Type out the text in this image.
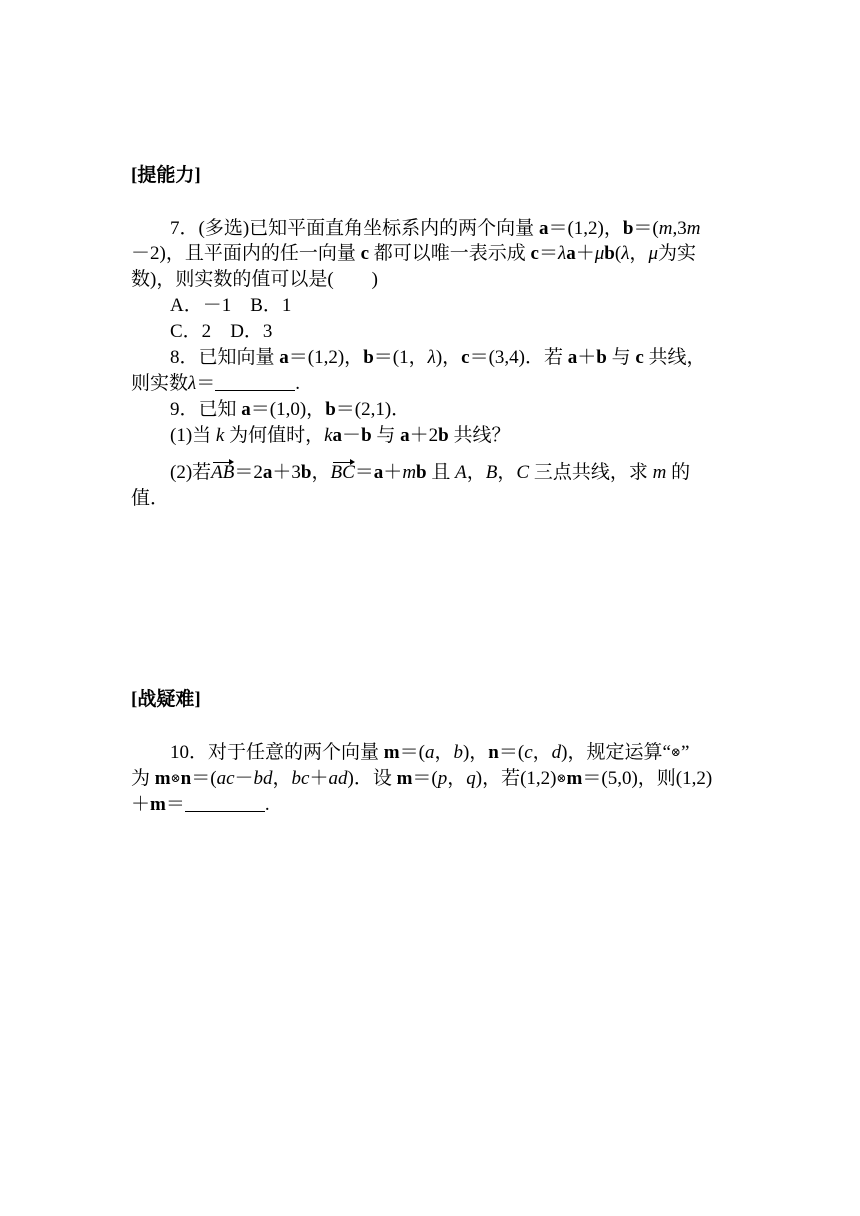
[提能力]
7．(多选)已知平面直角坐标系内的两个向量 a＝(1,2)，b＝(m,3m
－2)，且平面内的任一向量 c 都可以唯一表示成 c＝λa＋μb(λ，μ为实
数)，则实数的值可以是(　　)
A．－1　 B．1
C．2　 D．3
8．已知向量 a＝(1,2)，b＝(1，λ)，c＝(3,4)．若 a＋b 与 c 共线，
则实数λ＝	.
9．已知 a＝(1,0)，b＝(2,1)．
(1)当 k 为何值时，ka－b 与 a＋2b 共线？
(2)若AB＝2a＋3b，BC＝a＋mb 且 A，B，C 三点共线，求 m 的
值．
[战疑难]
10．对于任意的两个向量 m＝(a，b)，n＝(c，d)，规定运算“⊗”
为 m⊗n＝(ac－bd，bc＋ad)．设 m＝(p，q)，若(1,2)⊗m＝(5,0)，则(1,2)
＋m＝	.
